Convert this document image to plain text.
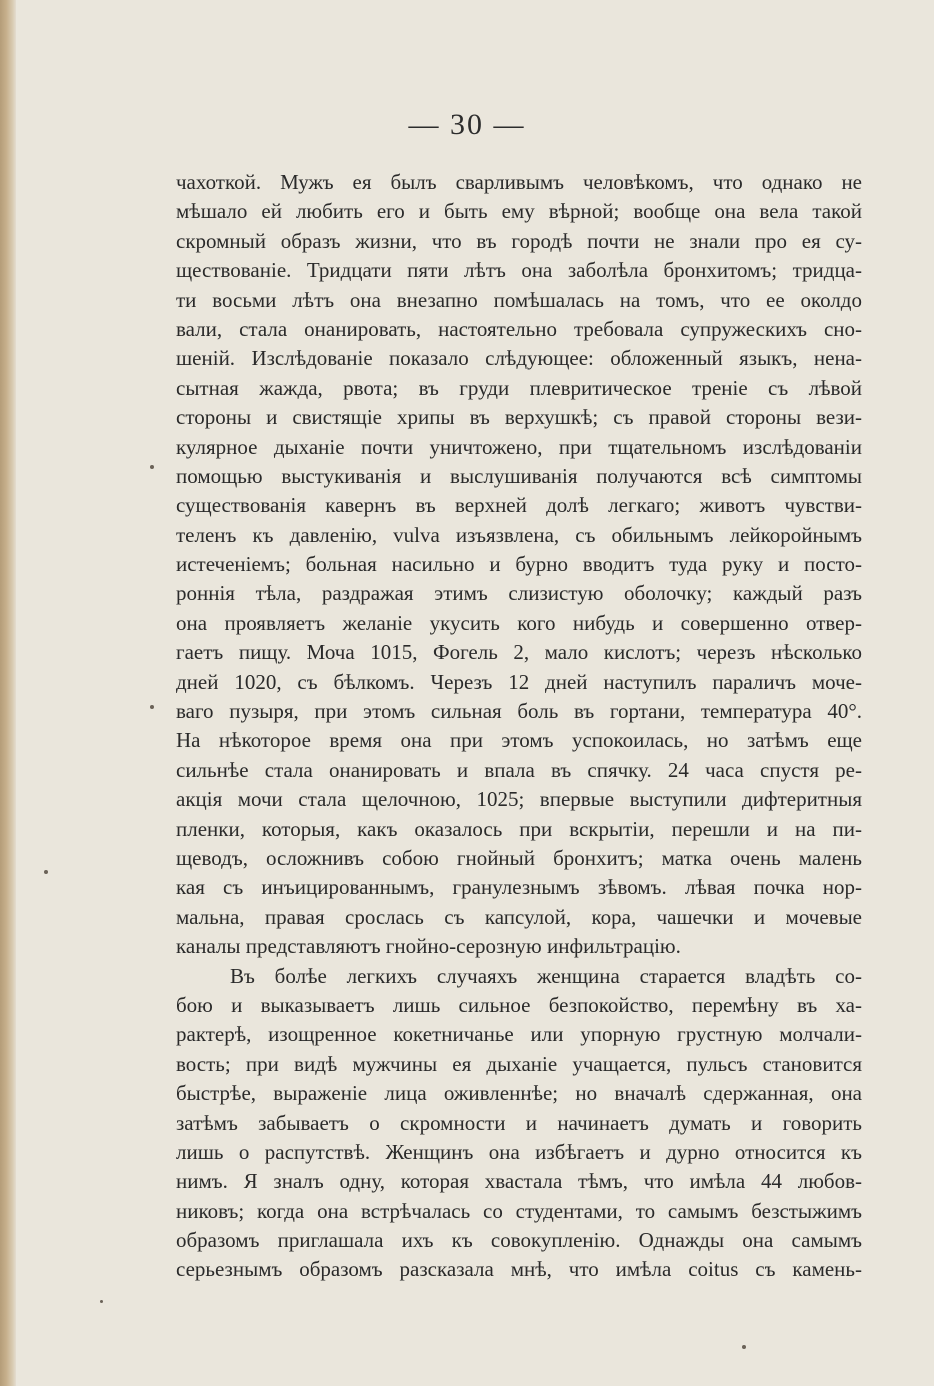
— 30 —
чахоткой. Мужъ ея былъ сварливымъ человѣкомъ, что однако не
мѣшало ей любить его и быть ему вѣрной; вообще она вела такой
скромный образъ жизни, что въ городѣ почти не знали про ея су-
ществованіе. Тридцати пяти лѣтъ она заболѣла бронхитомъ; тридца-
ти восьми лѣтъ она внезапно помѣшалась на томъ, что ее околдо
вали, стала онанировать, настоятельно требовала супружескихъ сно-
шеній. Изслѣдованіе показало слѣдующее: обложенный языкъ, нена-
сытная жажда, рвота; въ груди плевритическое треніе съ лѣвой
стороны и свистящіе хрипы въ верхушкѣ; съ правой стороны вези-
кулярное дыханіе почти уничтожено, при тщательномъ изслѣдованіи
помощью выстукиванія и выслушиванія получаются всѣ симптомы
существованія кавернъ въ верхней долѣ легкаго; животъ чувстви-
теленъ къ давленію, vulva изъязвлена, съ обильнымъ лейкоройнымъ
истеченіемъ; больная насильно и бурно вводитъ туда руку и посто-
роннія тѣла, раздражая этимъ слизистую оболочку; каждый разъ
она проявляетъ желаніе укусить кого нибудь и совершенно отвер-
гаетъ пищу. Моча 1015, Фогель 2, мало кислотъ; черезъ нѣсколько
дней 1020, съ бѣлкомъ. Черезъ 12 дней наступилъ параличъ моче-
ваго пузыря, при этомъ сильная боль въ гортани, температура 40°.
На нѣкоторое время она при этомъ успокоилась, но затѣмъ еще
сильнѣе стала онанировать и впала въ спячку. 24 часа спустя ре-
акція мочи стала щелочною, 1025; впервые выступили дифтеритныя
пленки, которыя, какъ оказалось при вскрытіи, перешли и на пи-
щеводъ, осложнивъ собою гнойный бронхитъ; матка очень малень
кая съ инъицированнымъ, гранулезнымъ зѣвомъ. лѣвая почка нор-
мальна, правая срослась съ капсулой, кора, чашечки и мочевые
каналы представляютъ гнойно-серозную инфильтрацію.
Въ болѣе легкихъ случаяхъ женщина старается владѣть со-
бою и выказываетъ лишь сильное безпокойство, перемѣну въ ха-
рактерѣ, изощренное кокетничанье или упорную грустную молчали-
вость; при видѣ мужчины ея дыханіе учащается, пульсъ становится
быстрѣе, выраженіе лица оживленнѣе; но вначалѣ сдержанная, она
затѣмъ забываетъ о скромности и начинаетъ думать и говорить
лишь о распутствѣ. Женщинъ она избѣгаетъ и дурно относится къ
нимъ. Я зналъ одну, которая хвастала тѣмъ, что имѣла 44 любов-
никовъ; когда она встрѣчалась со студентами, то самымъ безстыжимъ
образомъ приглашала ихъ къ совокупленію. Однажды она самымъ
серьезнымъ образомъ разсказала мнѣ, что имѣла coitus съ камень-
